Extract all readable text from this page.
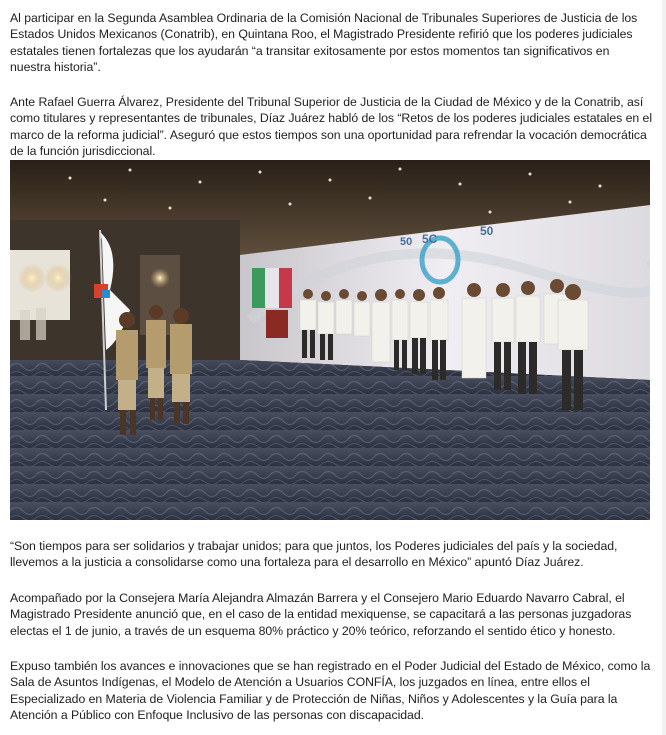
Al participar en la Segunda Asamblea Ordinaria de la Comisión Nacional de Tribunales Superiores de Justicia de los Estados Unidos Mexicanos (Conatrib), en Quintana Roo, el Magistrado Presidente refirió que los poderes judiciales estatales tienen fortalezas que los ayudarán “a transitar exitosamente por estos momentos tan significativos en nuestra historia”.

Ante Rafael Guerra Álvarez, Presidente del Tribunal Superior de Justicia de la Ciudad de México y de la Conatrib, así como titulares y representantes de tribunales, Díaz Juárez habló de los “Retos de los poderes judiciales estatales en el marco de la reforma judicial”. Aseguró que estos tiempos son una oportunidad para refrendar la vocación democrática de la función jurisdiccional.

50 5C
50

“Son tiempos para ser solidarios y trabajar unidos; para que juntos, los Poderes judiciales del país y la sociedad, llevemos a la justicia a consolidarse como una fortaleza para el desarrollo en México” apuntó Díaz Juárez.

Acompañado por la Consejera María Alejandra Almazán Barrera y el Consejero Mario Eduardo Navarro Cabral, el Magistrado Presidente anunció que, en el caso de la entidad mexiquense, se capacitará a las personas juzgadoras electas el 1 de junio, a través de un esquema 80% práctico y 20% teórico, reforzando el sentido ético y honesto.

Expuso también los avances e innovaciones que se han registrado en el Poder Judicial del Estado de México, como la Sala de Asuntos Indígenas, el Modelo de Atención a Usuarios CONFÍA, los juzgados en línea, entre ellos el Especializado en Materia de Violencia Familiar y de Protección de Niñas, Niños y Adolescentes y la Guía para la Atención a Público con Enfoque Inclusivo de las personas con discapacidad.
